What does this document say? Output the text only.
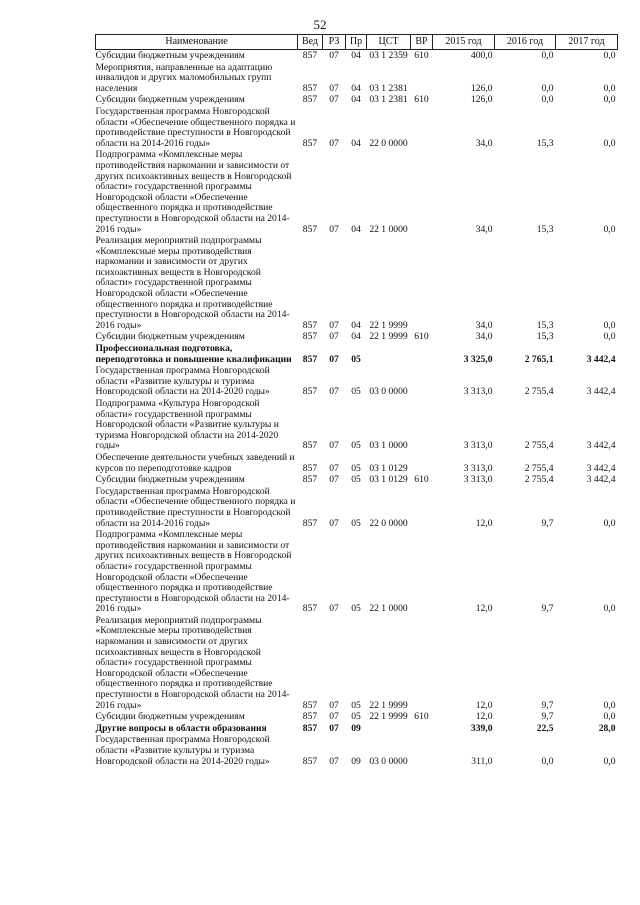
52
Наименование	Вед	РЗ	Пр	ЦСТ	ВР	2015 год	2016 год	2017 год
Субсидии бюджетным учреждениям	857	07	04	03 1 2359	610	400,0	0,0	0,0
Мероприятия, направленные на адаптацию инвалидов и других маломобильных групп населения	857	07	04	03 1 2381		126,0	0,0	0,0
Субсидии бюджетным учреждениям	857	07	04	03 1 2381	610	126,0	0,0	0,0
Государственная программа Новгородской области «Обеспечение общественного порядка и противодействие преступности в Новгородской области на 2014-2016 годы»	857	07	04	22 0 0000		34,0	15,3	0,0
Подпрограмма «Комплексные меры противодействия наркомании и зависимости от других психоактивных веществ в Новгородской области» государственной программы Новгородской области «Обеспечение общественного порядка и противодействие преступности в Новгородской области на 2014-2016 годы»	857	07	04	22 1 0000		34,0	15,3	0,0
Реализация мероприятий подпрограммы «Комплексные меры противодействия наркомании и зависимости от других психоактивных веществ в Новгородской области» государственной программы Новгородской области «Обеспечение общественного порядка и противодействие преступности в Новгородской области на 2014-2016 годы»	857	07	04	22 1 9999		34,0	15,3	0,0
Субсидии бюджетным учреждениям	857	07	04	22 1 9999	610	34,0	15,3	0,0
Профессиональная подготовка, переподготовка и повышение квалификации	857	07	05			3 325,0	2 765,1	3 442,4
Государственная программа Новгородской области «Развитие культуры и туризма Новгородской области на 2014-2020 годы»	857	07	05	03 0 0000		3 313,0	2 755,4	3 442,4
Подпрограмма «Культура Новгородской области» государственной программы Новгородской области «Развитие культуры и туризма Новгородской области на 2014-2020 годы»	857	07	05	03 1 0000		3 313,0	2 755,4	3 442,4
Обеспечение деятельности учебных заведений и курсов по переподготовке кадров	857	07	05	03 1 0129		3 313,0	2 755,4	3 442,4
Субсидии бюджетным учреждениям	857	07	05	03 1 0129	610	3 313,0	2 755,4	3 442,4
Государственная программа Новгородской области «Обеспечение общественного порядка и противодействие преступности в Новгородской области на 2014-2016 годы»	857	07	05	22 0 0000		12,0	9,7	0,0
Подпрограмма «Комплексные меры противодействия наркомании и зависимости от других психоактивных веществ в Новгородской области» государственной программы Новгородской области «Обеспечение общественного порядка и противодействие преступности в Новгородской области на 2014-2016 годы»	857	07	05	22 1 0000		12,0	9,7	0,0
Реализация мероприятий подпрограммы «Комплексные меры противодействия наркомании и зависимости от других психоактивных веществ в Новгородской области» государственной программы Новгородской области «Обеспечение общественного порядка и противодействие преступности в Новгородской области на 2014-2016 годы»	857	07	05	22 1 9999		12,0	9,7	0,0
Субсидии бюджетным учреждениям	857	07	05	22 1 9999	610	12,0	9,7	0,0
Другие вопросы в области образования	857	07	09			339,0	22,5	28,0
Государственная программа Новгородской области «Развитие культуры и туризма Новгородской области на 2014-2020 годы»	857	07	09	03 0 0000		311,0	0,0	0,0
